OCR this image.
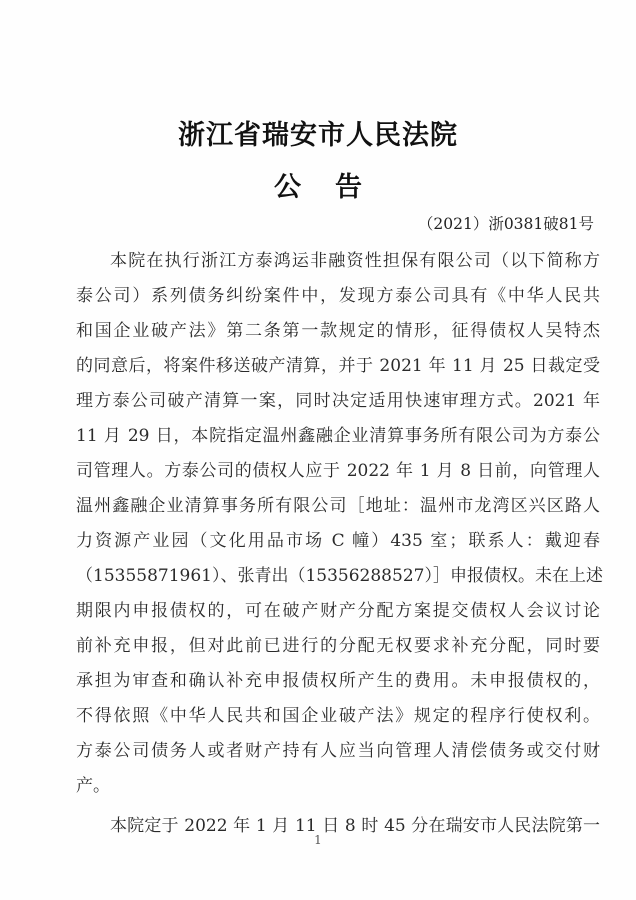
浙江省瑞安市人民法院
公告
（2021）浙0381破81号
本院在执行浙江方泰鸿运非融资性担保有限公司（以下简称方
泰公司）系列债务纠纷案件中，发现方泰公司具有《中华人民共
和国企业破产法》第二条第一款规定的情形，征得债权人吴特杰
的同意后，将案件移送破产清算，并于 2021 年 11 月 25 日裁定受
理方泰公司破产清算一案，同时决定适用快速审理方式。2021 年
11 月 29 日，本院指定温州鑫融企业清算事务所有限公司为方泰公
司管理人。方泰公司的债权人应于 2022 年 1 月 8 日前，向管理人
温州鑫融企业清算事务所有限公司［地址：温州市龙湾区兴区路人
力资源产业园（文化用品市场 C 幢）435 室；联系人：戴迎春
（15355871961）、张青出（15356288527）］申报债权。未在上述
期限内申报债权的，可在破产财产分配方案提交债权人会议讨论
前补充申报，但对此前已进行的分配无权要求补充分配，同时要
承担为审查和确认补充申报债权所产生的费用。未申报债权的，
不得依照《中华人民共和国企业破产法》规定的程序行使权利。
方泰公司债务人或者财产持有人应当向管理人清偿债务或交付财
产。
本院定于 2022 年 1 月 11 日 8 时 45 分在瑞安市人民法院第一
1
